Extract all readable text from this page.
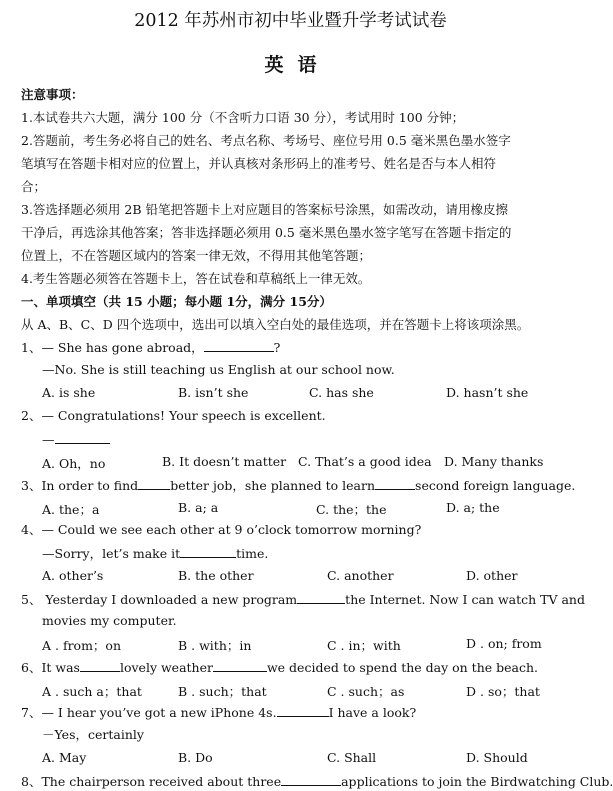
2012 年苏州市初中毕业暨升学考试试卷
英语
注意事项：
1.本试卷共六大题，满分 100 分（不含听力口语 30 分），考试用时 100 分钟；
2.答题前，考生务必将自己的姓名、考点名称、考场号、座位号用 0.5 毫米黑色墨水签字
笔填写在答题卡相对应的位置上，并认真核对条形码上的准考号、姓名是否与本人相符
合；
3.答选择题必须用 2B 铅笔把答题卡上对应题目的答案标号涂黑，如需改动，请用橡皮擦
干净后，再选涂其他答案；答非选择题必须用 0.5 毫米黑色墨水签字笔写在答题卡指定的
位置上，不在答题区域内的答案一律无效，不得用其他笔答题；
4.考生答题必须答在答题卡上，答在试卷和草稿纸上一律无效。
一、单项填空（共 15 小题；每小题 1分，满分 15分）
从 A、B、C、D 四个选项中，选出可以填入空白处的最佳选项，并在答题卡上将该项涂黑。
1、— She has gone abroad，	?
—No. She is still teaching us English at our school now.
A. is she	B. isn’t she	C. has she	D. hasn’t she
2、— Congratulations! Your speech is excellent.
—
A. Oh，no	B. It doesn’t matter C. That’s a good idea D. Many thanks
3、In order to find	better job，she planned to learn	second foreign language.
A. the；a	B. a; a	C. the；the	D. a; the
4、— Could we see each other at 9 o’clock tomorrow morning?
—Sorry，let’s make it	time.
A. other’s	B. the other	C. another	D. other
5、 Yesterday I downloaded a new program	the Internet. Now I can watch TV and
movies my computer.
A . from；on	B . with；in	C . in；with	D . on; from
6、It was	lovely weather	we decided to spend the day on the beach.
A . such a；that	B . such；that	C . such；as	D . so；that
7、— I hear you’ve got a new iPhone 4s.	I have a look?
－Yes，certainly
A. May	B. Do	C. Shall	D. Should
8、The chairperson received about three	applications to join the Birdwatching Club.
